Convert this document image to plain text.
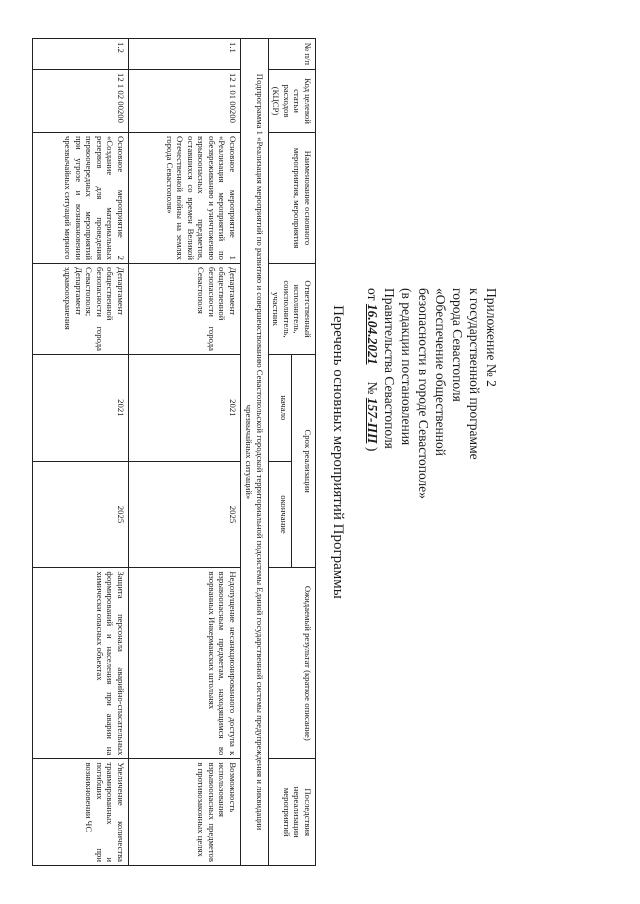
Приложение № 2
к государственной программе
города Севастополя
«Обеспечение общественной
безопасности в городе Севастополе»
(в редакции постановления
Правительства Севастополя
от 16.04.2021     № 157-ПП )
Перечень основных мероприятий Программы
№ п/п	Код целевой статьи расходов (КЦСР)	Наименование основного мероприятия, мероприятия	Ответственный исполнитель, соисполнитель, участник	Срок реализации		Ожидаемый результат (краткое описание)	Последствия нереализации мероприятий
				начало	окончание		
Подпрограмма 1 «Реализация мероприятий по развитию и совершенствованию Севастопольской городской территориальной подсистемы Единой государственной системы предупреждения и ликвидации чрезвычайных ситуаций»							
1.1	12 1 01 00200	Основное мероприятие 1 «Реализация мероприятий по обезвреживанию и уничтожению взрывоопасных предметов, оставшихся со времен Великой Отечественной войны на землях города Севастополя»	Департамент общественной безопасности города Севастополя	2021	2025	Недопущение несанкционированного доступа к взрывоопасным предметам, находящимся во взорванных Инкерманских штольнях	Возможность использования взрывоопасных предметов в противозаконных целях
1.2	12 1 02 00200	Основное мероприятие 2 «Создание материальных резервов для проведения первоочередных мероприятий при угрозе и возникновении чрезвычайных ситуаций мирного	Департамент общественной безопасности города Севастополя; Департамент здравоохранения	2021	2025	Защита персонала аварийно-спасательных формирований и населения при аварии на химически опасных объектах	Увеличение количества травмированных и погибших при возникновении ЧС
